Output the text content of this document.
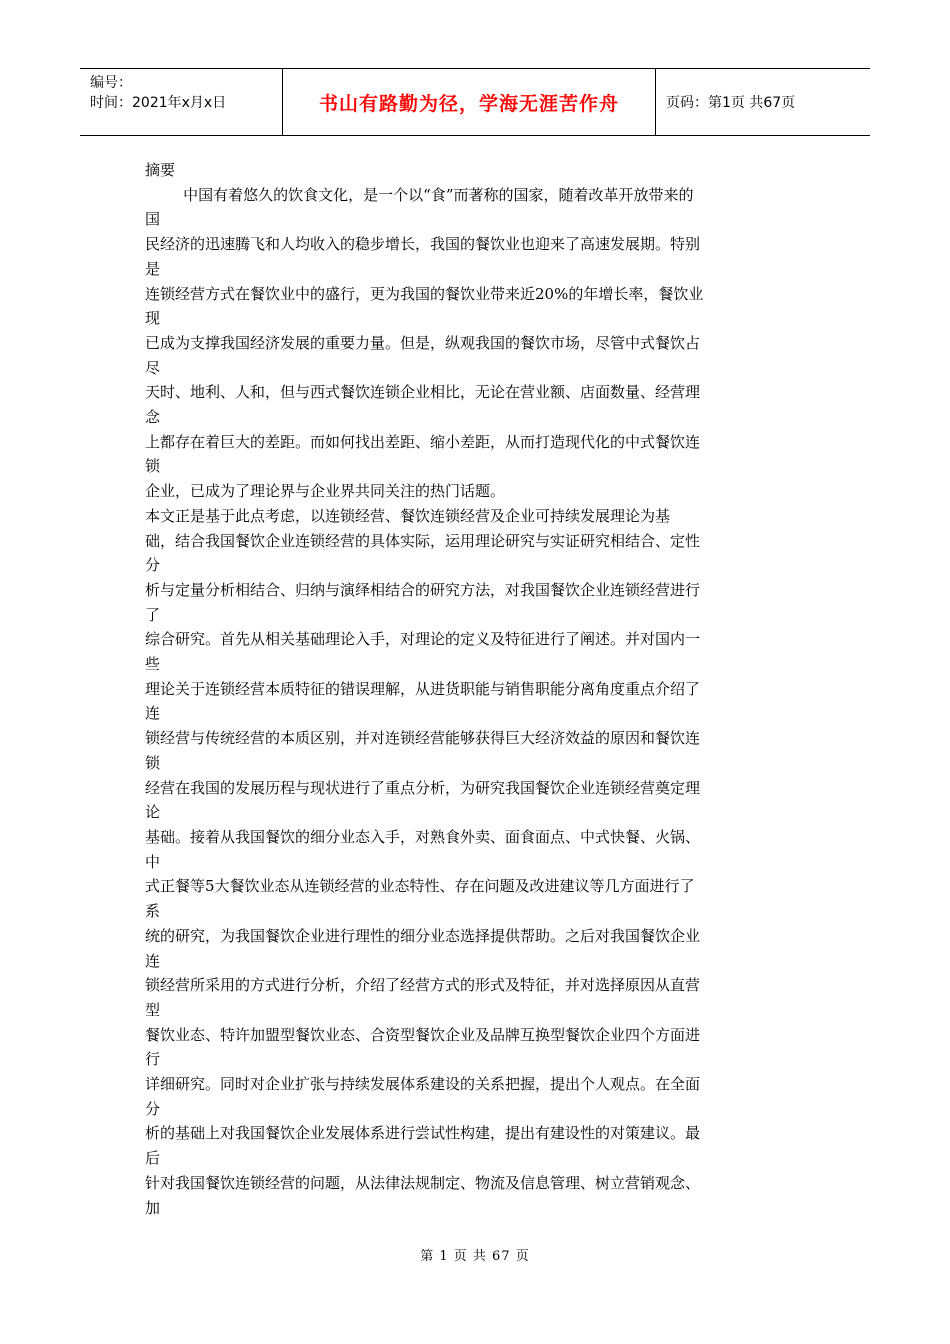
编号：
时间：2021年x月x日	书山有路勤为径，学海无涯苦作舟	页码：第1页 共67页

摘要

中国有着悠久的饮食文化，是一个以“食”而著称的国家，随着改革开放带来的

国

民经济的迅速腾飞和人均收入的稳步增长，我国的餐饮业也迎来了高速发展期。特别

是

连锁经营方式在餐饮业中的盛行，更为我国的餐饮业带来近20%的年增长率，餐饮业

现

已成为支撑我国经济发展的重要力量。但是，纵观我国的餐饮市场，尽管中式餐饮占

尽

天时、地利、人和，但与西式餐饮连锁企业相比，无论在营业额、店面数量、经营理

念

上都存在着巨大的差距。而如何找出差距、缩小差距，从而打造现代化的中式餐饮连

锁

企业，已成为了理论界与企业界共同关注的热门话题。

本文正是基于此点考虑，以连锁经营、餐饮连锁经营及企业可持续发展理论为基

础，结合我国餐饮企业连锁经营的具体实际，运用理论研究与实证研究相结合、定性

分

析与定量分析相结合、归纳与演绎相结合的研究方法，对我国餐饮企业连锁经营进行

了

综合研究。首先从相关基础理论入手，对理论的定义及特征进行了阐述。并对国内一

些

理论关于连锁经营本质特征的错误理解，从进货职能与销售职能分离角度重点介绍了

连

锁经营与传统经营的本质区别，并对连锁经营能够获得巨大经济效益的原因和餐饮连

锁

经营在我国的发展历程与现状进行了重点分析，为研究我国餐饮企业连锁经营奠定理

论

基础。接着从我国餐饮的细分业态入手，对熟食外卖、面食面点、中式快餐、火锅、

中

式正餐等5大餐饮业态从连锁经营的业态特性、存在问题及改进建议等几方面进行了

系

统的研究，为我国餐饮企业进行理性的细分业态选择提供帮助。之后对我国餐饮企业

连

锁经营所采用的方式进行分析，介绍了经营方式的形式及特征，并对选择原因从直营

型

餐饮业态、特许加盟型餐饮业态、合资型餐饮企业及品牌互换型餐饮企业四个方面进

行

详细研究。同时对企业扩张与持续发展体系建设的关系把握，提出个人观点。在全面

分

析的基础上对我国餐饮企业发展体系进行尝试性构建，提出有建设性的对策建议。最

后

针对我国餐饮连锁经营的问题，从法律法规制定、物流及信息管理、树立营销观念、

加

第 1 页 共 67 页
